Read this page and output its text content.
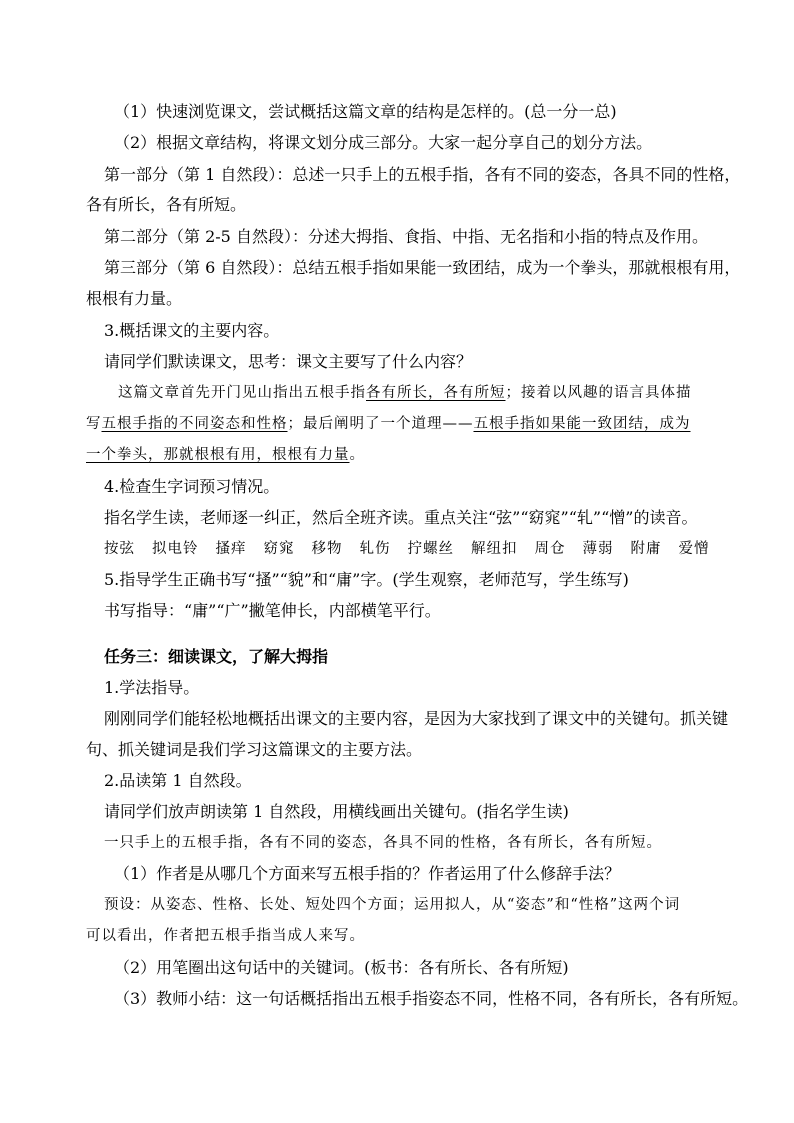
（1）快速浏览课文，尝试概括这篇文章的结构是怎样的。(总一分一总)
（2）根据文章结构，将课文划分成三部分。大家一起分享自己的划分方法。
第一部分（第 1 自然段）：总述一只手上的五根手指，各有不同的姿态，各具不同的性格，
各有所长，各有所短。
第二部分（第 2-5 自然段）：分述大拇指、食指、中指、无名指和小指的特点及作用。
第三部分（第 6 自然段）：总结五根手指如果能一致团结，成为一个拳头，那就根根有用，
根根有力量。
3.概括课文的主要内容。
请同学们默读课文，思考：课文主要写了什么内容？
这篇文章首先开门见山指出五根手指各有所长，各有所短；接着以风趣的语言具体描
写五根手指的不同姿态和性格；最后阐明了一个道理——五根手指如果能一致团结，成为
一个拳头，那就根根有用，根根有力量。
4.检查生字词预习情况。
指名学生读，老师逐一纠正，然后全班齐读。重点关注“弦”“窈窕”“轧”“憎”的读音。
按弦 拟电铃 搔痒 窈窕 移物 轧伤 拧螺丝 解纽扣 周仓 薄弱 附庸 爱憎
5.指导学生正确书写“搔”“貌”和“庸”字。(学生观察，老师范写，学生练写)
书写指导：“庸”“广”撇笔伸长，内部横笔平行。
任务三：细读课文，了解大拇指
1.学法指导。
刚刚同学们能轻松地概括出课文的主要内容，是因为大家找到了课文中的关键句。抓关键
句、抓关键词是我们学习这篇课文的主要方法。
2.品读第 1 自然段。
请同学们放声朗读第 1 自然段，用横线画出关键句。(指名学生读)
一只手上的五根手指，各有不同的姿态，各具不同的性格，各有所长，各有所短。
（1）作者是从哪几个方面来写五根手指的？作者运用了什么修辞手法？
预设：从姿态、性格、长处、短处四个方面；运用拟人，从“姿态”和“性格”这两个词
可以看出，作者把五根手指当成人来写。
（2）用笔圈出这句话中的关键词。(板书：各有所长、各有所短)
（3）教师小结：这一句话概括指出五根手指姿态不同，性格不同，各有所长，各有所短。
